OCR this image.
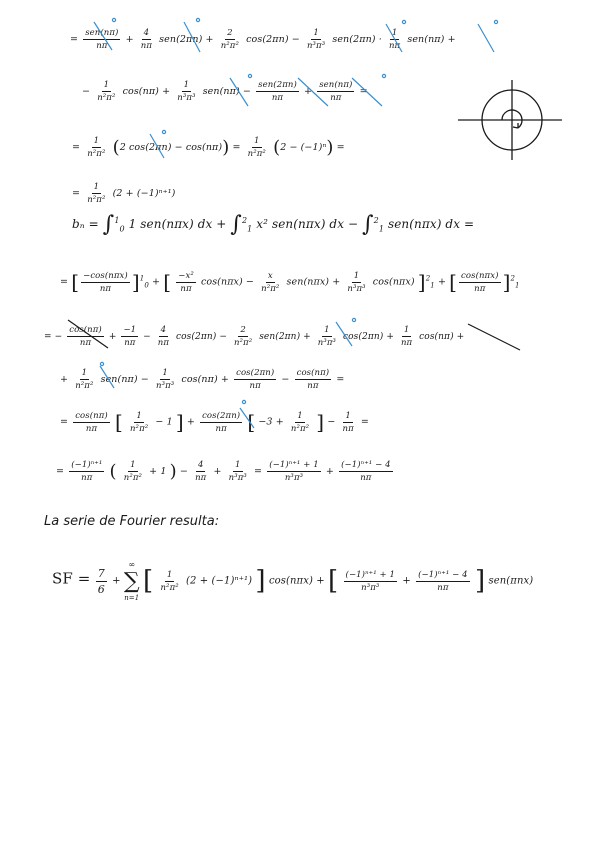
= $\frac{\text{sen(nπ)}}{n\pi} + \frac{4}{n\pi} sen(2\pi n) + \frac{2}{\text{n²π²}} \cos(2\pi n) - \frac{1}{\text{n³π³}} sen(2\pi n) \cdot \frac{1}{n\pi} sen(n\pi)$ +
− $\frac{1}{\text{n²π²}} \cos(n\pi) + \frac{1}{\text{n³π³}} sen(n\pi) - \frac{\text{sen(2πn)}}{n\pi} + \frac{\text{sen(nπ)}}{n\pi}$ =
= $\frac{1}{\text{n²π²}} (2$ $\cos(2\pi n) - \cos(n\pi)) = \frac{1}{\text{n²π²}} (2 - (-1)^n)$ =
= $\frac{1}{\text{n²π²}} (2 + (-1)^{n+1})$
bₙ = ∫$^1_0$ 1 sen(nπx) dx + ∫$^2_1$ x² sen(nπx) dx − ∫$^2_1$ sen(nπx) dx =
= [ $\frac{\text{−cos(nπx)}}{n\pi} ]^1_0$ + [ $\frac{\text{−x²}}{n\pi} \cos(n\pi x) - \frac{x}{\text{n²π²}} sen(n\pi x) + \frac{1}{\text{n³π³}} \cos(n\pi x) ]^2_1$ + [ $\frac{\text{cos(nπx)}}{n\pi} ]^2_1$
= − $\frac{\cos(n\pi)}{n\pi} + \frac{-1}{n\pi} - \frac{4}{n\pi} \cos(2\pi n) - \frac{2}{\text{n²π²}} sen(2\pi n) + \frac{1}{\text{n³π³}} \cos(2\pi n) + \frac{1}{n\pi} \cos(n\pi)$ +
+ $\frac{1}{\text{n²π²}} sen(n\pi) - \frac{1}{\text{n³π³}} \cos(n\pi) + \frac{\cos(2\pi n)}{n\pi} - \frac{\cos(n\pi)}{n\pi}$ =
= $\frac{\cos(n\pi)}{n\pi}$ [ $\frac{1}{\text{n²π²}} - 1$ ] + $\frac{\cos(2\pi n)}{n\pi}$ [ $-3 + \frac{1}{\text{n²π²}}$ ] − $\frac{1}{n\pi}$ =
= $\frac{\text{(−1)ⁿ⁺¹}}{n\pi}$ ( $\frac{1}{\text{n²π²}} + 1$ ) − $\frac{4}{n\pi} + \frac{1}{\text{n³π³}} = \frac{\text{(−1)ⁿ⁺¹ + 1}}{\text{n³π³}} + \frac{\text{(−1)ⁿ⁺¹ − 4}}{n\pi}$
La serie de Fourier resulta:
SF = $\frac{7}{6}$ +
∞
∑
n=1
[ $\frac{1}{\text{n²π²}} (2 + (-1)^{n+1})$ ] cos(nπx) + [ $\frac{\text{(−1)ⁿ⁺¹ + 1}}{\text{n³π³}} + \frac{\text{(−1)ⁿ⁺¹ − 4}}{n\pi}$ ] sen(πnx)
